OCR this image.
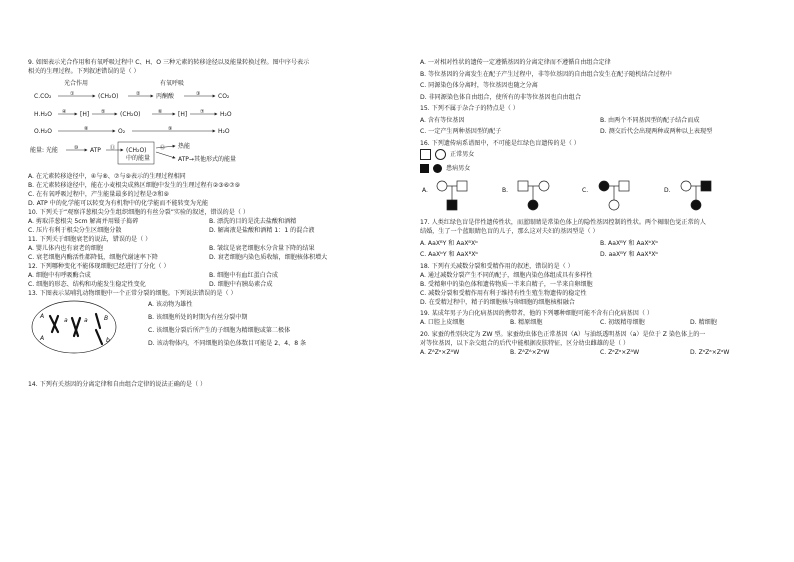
9. 如图表示光合作用和有氧呼吸过程中 C、H、O 三种元素的转移途径以及能量转换过程。图中序号表示

相关的生理过程。下列叙述错误的是（ ）

光合作用	有氧呼吸
C.CO₂	①	(CH₂O)	②	丙酮酸	③	CO₂
H.H₂O ④ [H] ⑤ (CH₂O)	⑥	[H]	⑦	H₂O
O.H₂O	⑧	O₂	⑨	H₂O
能量: 光能	⑩ ATP ⑪ (CH₂O)
中的能量
⑫ 热能
ATP→其他形式的能量

A. 在元素转移途径中，④与⑧、⑦与⑨表示的生理过程相同

B. 在元素转移途径中，能在小麦根尖成熟区细胞中发生的生理过程有②③⑥⑦⑨

C. 在有氧呼吸过程中，产生能量最多的过程是⑦和⑨

D. ATP 中的化学能可以转变为有机物中的化学能而不能转变为光能

10. 下列关于“观察洋葱根尖分生组织细胞的有丝分裂”实验的叙述，错误的是（ ）

A. 剪取洋葱根尖 5cm 解离并用镊子捣碎	B. 漂洗的目的是洗去盐酸和酒精
C. 压片有利于根尖分生区细胞分散	D. 解离液是盐酸和酒精 1：1 的混合液

11. 下列关于细胞衰老的说法，错误的是（ ）

A. 婴儿体内也有衰老的细胞	B. 皱纹是衰老细胞水分含量下降的结果
C. 衰老细胞内酶活性都降低，细胞代谢速率下降	D. 衰老细胞内染色质收缩，细胞核体积增大

12. 下列哪种变化不能体现细胞已经进行了分化（ ）

A. 细胞中有呼吸酶合成	B. 细胞中有血红蛋白合成
C. 细胞的形态、结构和功能发生稳定性变化	D. 细胞中有胰岛素合成

13. 下图表示某哺乳动物细胞中一个正常分裂的细胞。下列说法错误的是（ ）

A
A
a	a	B
b

A. 该动物为雄性

B. 该细胞所处的时期为有丝分裂中期

C. 该细胞分裂后所产生的子细胞为精细胞或第二极体

D. 该动物体内，不同细胞的染色体数目可能是 2、4、8 条

14. 下列有关基因的分离定律和自由组合定律的说法正确的是（ ）

A. 一对相对性状的遗传一定遵循基因的分离定律而不遵循自由组合定律

B. 等位基因的分离发生在配子产生过程中，非等位基因的自由组合发生在配子随机结合过程中

C. 同源染色体分离时，等位基因也随之分离

D. 非同源染色体自由组合，使所有的非等位基因也自由组合

15. 下列不属于杂合子的特点是（ ）

A. 含有等位基因	B. 由两个不同基因型的配子结合而成
C. 一定产生两种基因型的配子	D. 测交后代会出现两种或两种以上表现型

16. 下列遗传病系谱图中，不可能是红绿色盲遗传的是（ ）

正常男女
患病男女
A.	B.	C.	D.

17. 人类红绿色盲是伴性遗传性状，而蓝眼睛是常染色体上的隐性基因控制的性状。两个褐眼色觉正常的人

结婚，生了一个蓝眼睛色盲的儿子，那么这对夫妇的基因型是（ ）

A. AaXᴮY 和 AaXᴮXᵇ	B. AaXᴮY 和 AaXᵇXᵇ
C. AaXᵇY 和 AaXᴮXᵇ	D. aaXᴮY 和 AaXᴮXᵇ

18. 下列有关减数分裂和受精作用的叙述，错误的是（ ）

A. 通过减数分裂产生不同的配子，细胞内染色体组成具有多样性

B. 受精卵中的染色体和遗传物质一半来自精子，一半来自卵细胞

C. 减数分裂和受精作用有利于维持有性生殖生物遗传的稳定性

D. 在受精过程中，精子的细胞核与卵细胞的细胞核相融合

19. 某成年男子为白化病基因的携带者，他的下列哪种细胞可能不含有白化病基因（ ）

A. 口腔上皮细胞	B. 精原细胞	C. 初级精母细胞	D. 精细胞

20. 家蚕的性别决定为 ZW 型。家蚕幼虫体色正常基因（A）与油纸透明基因（a）是位于 Z 染色体上的一

对等位基因，以下杂交组合的后代中能根据皮肤特征，区分幼虫雌雄的是（ ）

A. ZᴬZᵃ×ZᴬW	B. ZᴬZᴬ×ZᵃW	C. ZᵃZᵃ×ZᴬW	D. ZᵃZᵃ×ZᵃW
